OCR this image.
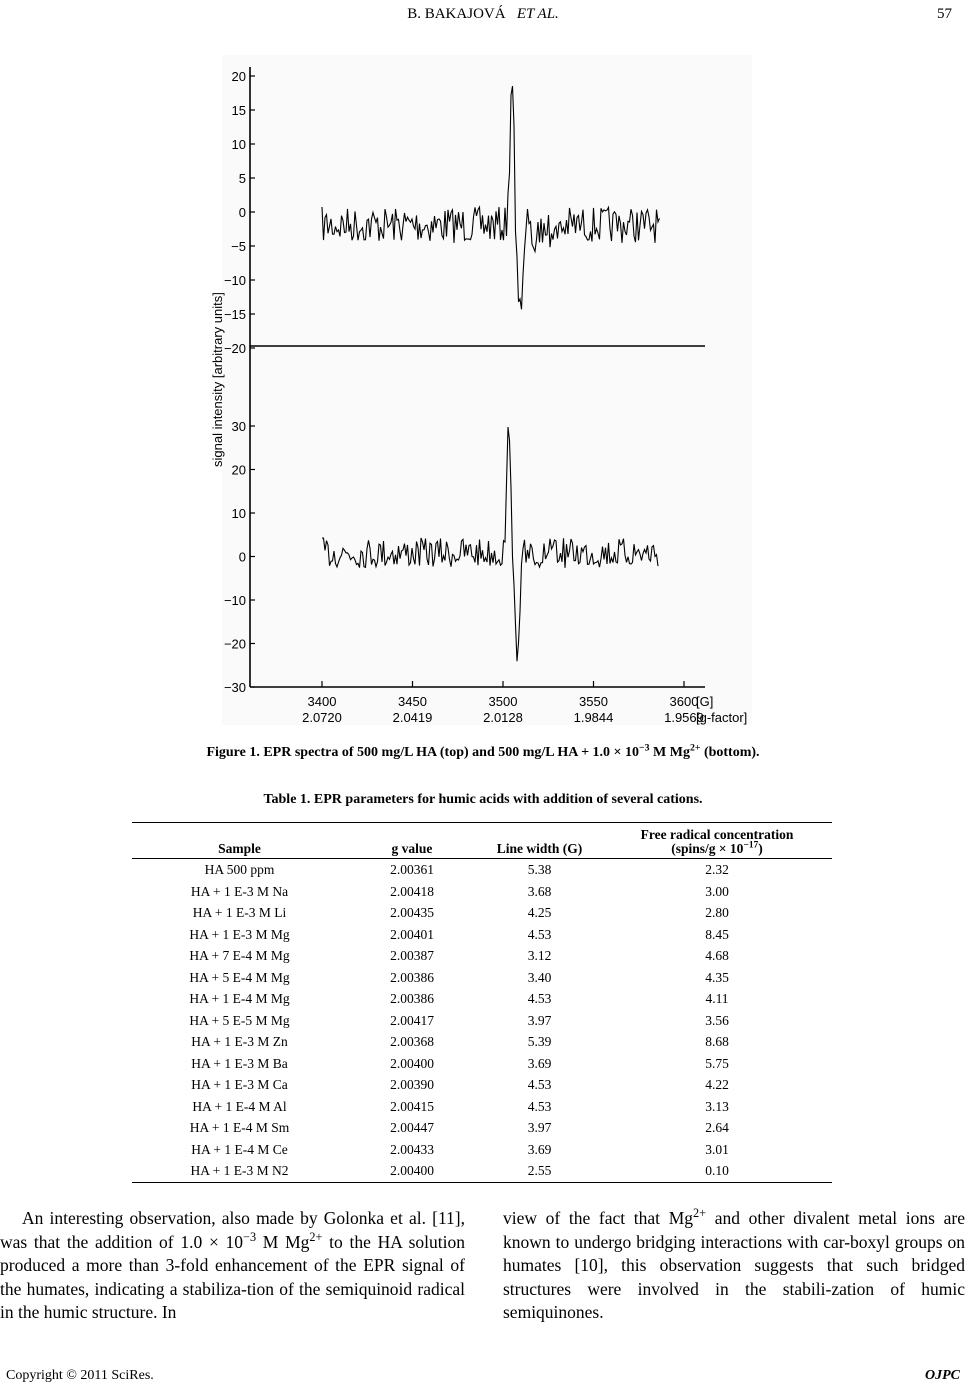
B. BAKAJOVÁ ET AL.	57
20
15
10
5
0
−5
−10
−15
−20
30
20
10
0
−10
−20
−30
3400
2.0720
3450
2.0419
3500
2.0128
3550
1.9844
3600
1.9569
signal intensity [arbitrary units]
[G]
[g-factor]
Figure 1. EPR spectra of 500 mg/L HA (top) and 500 mg/L HA + $1.0 \times 10^{-3}$ M $Mg^{2+}$ (bottom).
Table 1. EPR parameters for humic acids with addition of several cations.
Sample	g value	Line width (G)	Free radical concentration
(spins/g × $10^{-17}$)

HA 500 ppm	2.00361	5.38	2.32
HA + 1 E-3 M Na	2.00418	3.68	3.00
HA + 1 E-3 M Li	2.00435	4.25	2.80
HA + 1 E-3 M Mg	2.00401	4.53	8.45
HA + 7 E-4 M Mg	2.00387	3.12	4.68
HA + 5 E-4 M Mg	2.00386	3.40	4.35
HA + 1 E-4 M Mg	2.00386	4.53	4.11
HA + 5 E-5 M Mg	2.00417	3.97	3.56
HA + 1 E-3 M Zn	2.00368	5.39	8.68
HA + 1 E-3 M Ba	2.00400	3.69	5.75
HA + 1 E-3 M Ca	2.00390	4.53	4.22
HA + 1 E-4 M Al	2.00415	4.53	3.13
HA + 1 E-4 M Sm	2.00447	3.97	2.64
HA + 1 E-4 M Ce	2.00433	3.69	3.01
HA + 1 E-3 M N2	2.00400	2.55	0.10

An interesting observation, also made by Golonka et al. [11], was that the addition of $1.0 \times 10^{-3}$ M $Mg^{2+}$ to the HA solution produced a more than 3-fold enhancement of the EPR signal of the humates, indicating a stabiliza-tion of the semiquinoid radical in the humic structure. In

view of the fact that $Mg^{2+}$ and other divalent metal ions are known to undergo bridging interactions with car-boxyl groups on humates [10], this observation suggests that such bridged structures were involved in the stabili-zation of humic semiquinones.

Copyright © 2011 SciRes.	OJPC
